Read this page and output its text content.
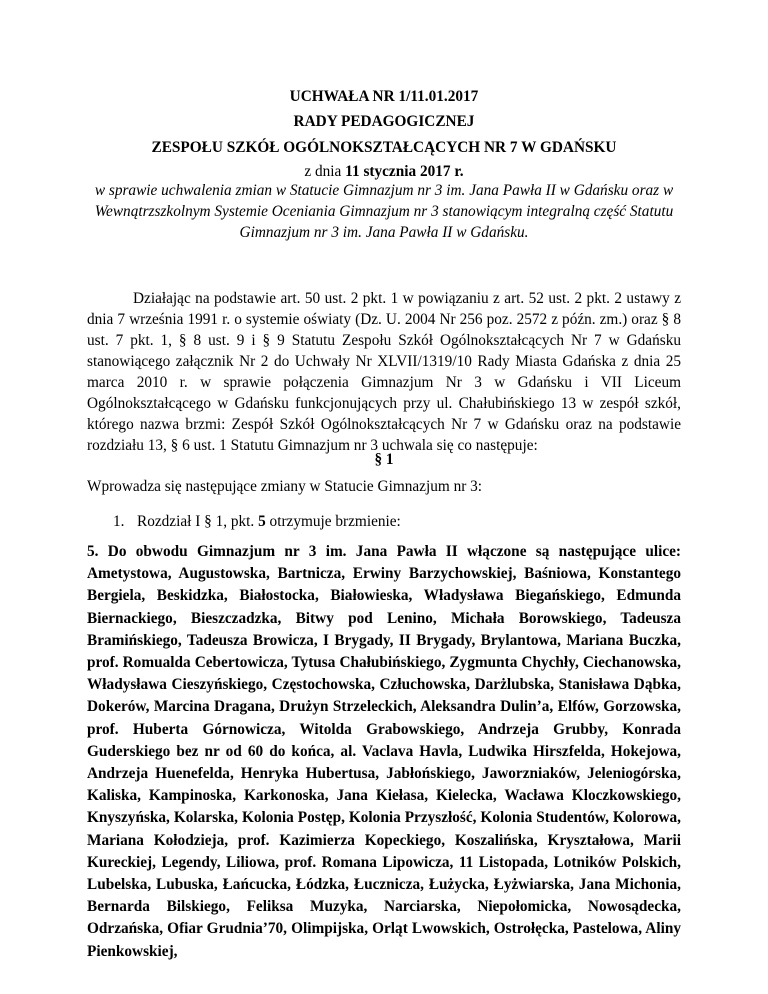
UCHWAŁA NR 1/11.01.2017
RADY PEDAGOGICZNEJ
ZESPOŁU SZKÓŁ OGÓLNOKSZTAŁCĄCYCH NR 7 W GDAŃSKU
z dnia 11 stycznia 2017 r.
w sprawie uchwalenia zmian w Statucie Gimnazjum nr 3 im. Jana Pawła II w Gdańsku oraz w Wewnątrzszkolnym Systemie Oceniania Gimnazjum nr 3 stanowiącym integralną część Statutu Gimnazjum nr 3 im. Jana Pawła II w Gdańsku.
Działając na podstawie art. 50 ust. 2 pkt. 1 w powiązaniu z art. 52 ust. 2 pkt. 2 ustawy z dnia 7 września 1991 r. o systemie oświaty (Dz. U. 2004 Nr 256 poz. 2572 z późn. zm.) oraz § 8 ust. 7 pkt. 1, § 8 ust. 9 i § 9 Statutu Zespołu Szkół Ogólnokształcących Nr 7 w Gdańsku stanowiącego załącznik Nr 2 do Uchwały Nr XLVII/1319/10 Rady Miasta Gdańska z dnia 25 marca 2010 r. w sprawie połączenia Gimnazjum Nr 3 w Gdańsku i VII Liceum Ogólnokształcącego w Gdańsku funkcjonujących przy ul. Chałubińskiego 13 w zespół szkół, którego nazwa brzmi: Zespół Szkół Ogólnokształcących Nr 7 w Gdańsku oraz na podstawie rozdziału 13, § 6 ust. 1 Statutu Gimnazjum nr 3 uchwala się co następuje:
§ 1
Wprowadza się następujące zmiany w Statucie Gimnazjum nr 3:
1. Rozdział I § 1, pkt. 5 otrzymuje brzmienie:
5. Do obwodu Gimnazjum nr 3 im. Jana Pawła II włączone są następujące ulice: Ametystowa, Augustowska, Bartnicza, Erwiny Barzychowskiej, Baśniowa, Konstantego Bergiela, Beskidzka, Białostocka, Białowieska, Władysława Biegańskiego, Edmunda Biernackiego, Bieszczadzka, Bitwy pod Lenino, Michała Borowskiego, Tadeusza Bramińskiego, Tadeusza Browicza, I Brygady, II Brygady, Brylantowa, Mariana Buczka, prof. Romualda Cebertowicza, Tytusa Chałubińskiego, Zygmunta Chychły, Ciechanowska, Władysława Cieszyńskiego, Częstochowska, Człuchowska, Darżlubska, Stanisława Dąbka, Dokerów, Marcina Dragana, Drużyn Strzeleckich, Aleksandra Dulin’a, Elfów, Gorzowska, prof. Huberta Górnowicza, Witolda Grabowskiego, Andrzeja Grubby, Konrada Guderskiego bez nr od 60 do końca, al. Vaclava Havla, Ludwika Hirszfelda, Hokejowa, Andrzeja Huenefelda, Henryka Hubertusa, Jabłońskiego, Jaworzniaków, Jeleniogórska, Kaliska, Kampinoska, Karkonoska, Jana Kiełasa, Kielecka, Wacława Kloczkowskiego, Knyszyńska, Kolarska, Kolonia Postęp, Kolonia Przyszłość, Kolonia Studentów, Kolorowa, Mariana Kołodzieja, prof. Kazimierza Kopeckiego, Koszalińska, Kryształowa, Marii Kureckiej, Legendy, Liliowa, prof. Romana Lipowicza, 11 Listopada, Lotników Polskich, Lubelska, Lubuska, Łańcucka, Łódzka, Łucznicza, Łużycka, Łyżwiarska, Jana Michonia, Bernarda Bilskiego, Feliksa Muzyka, Narciarska, Niepołomicka, Nowosądecka, Odrzańska, Ofiar Grudnia’70, Olimpijska, Orląt Lwowskich, Ostrołęcka, Pastelowa, Aliny Pienkowskiej,
